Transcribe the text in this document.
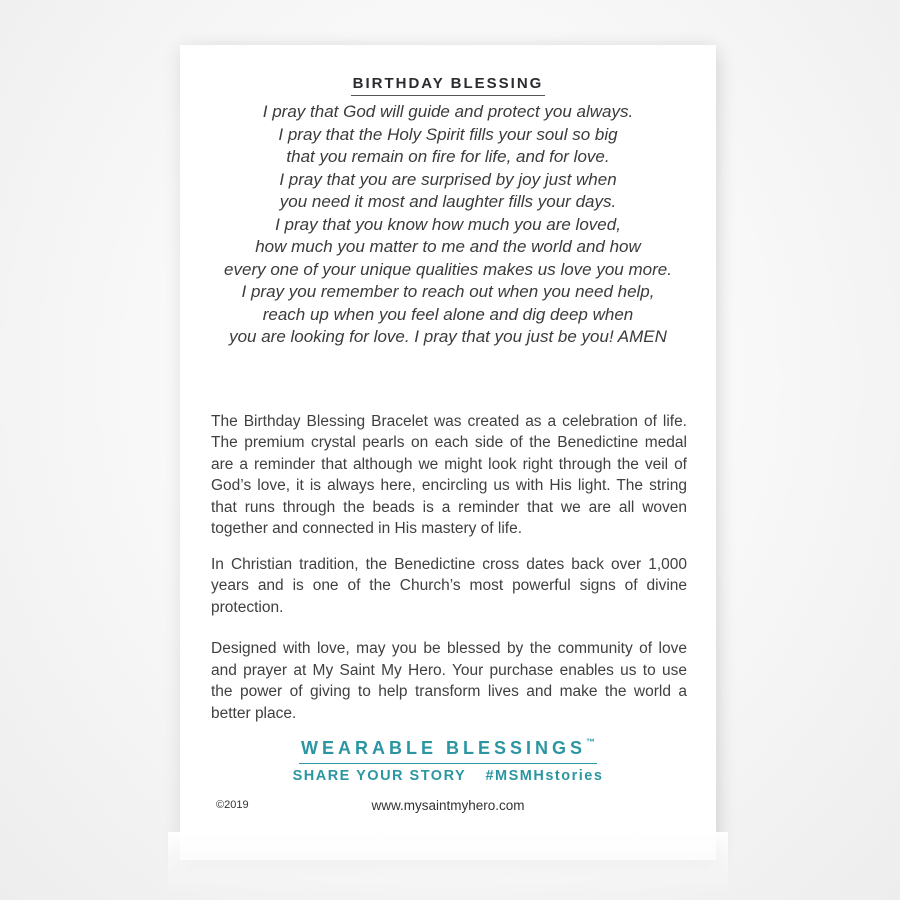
BIRTHDAY BLESSING
I pray that God will guide and protect you always.
I pray that the Holy Spirit fills your soul so big
that you remain on fire for life, and for love.
I pray that you are surprised by joy just when
you need it most and laughter fills your days.
I pray that you know how much you are loved,
how much you matter to me and the world and how
every one of your unique qualities makes us love you more.
I pray you remember to reach out when you need help,
reach up when you feel alone and dig deep when
you are looking for love. I pray that you just be you! AMEN

The Birthday Blessing Bracelet was created as a celebration of life. The premium crystal pearls on each side of the Benedictine medal are a reminder that although we might look right through the veil of God’s love, it is always here, encircling us with His light. The string that runs through the beads is a reminder that we are all woven together and connected in His mastery of life.

In Christian tradition, the Benedictine cross dates back over 1,000 years and is one of the Church’s most powerful signs of divine protection.

Designed with love, may you be blessed by the community of love and prayer at My Saint My Hero. Your purchase enables us to use the power of giving to help transform lives and make the world a better place.

WEARABLE BLESSINGS™
SHARE YOUR STORY #MSMHstories
©2019	www.mysaintmyhero.com
